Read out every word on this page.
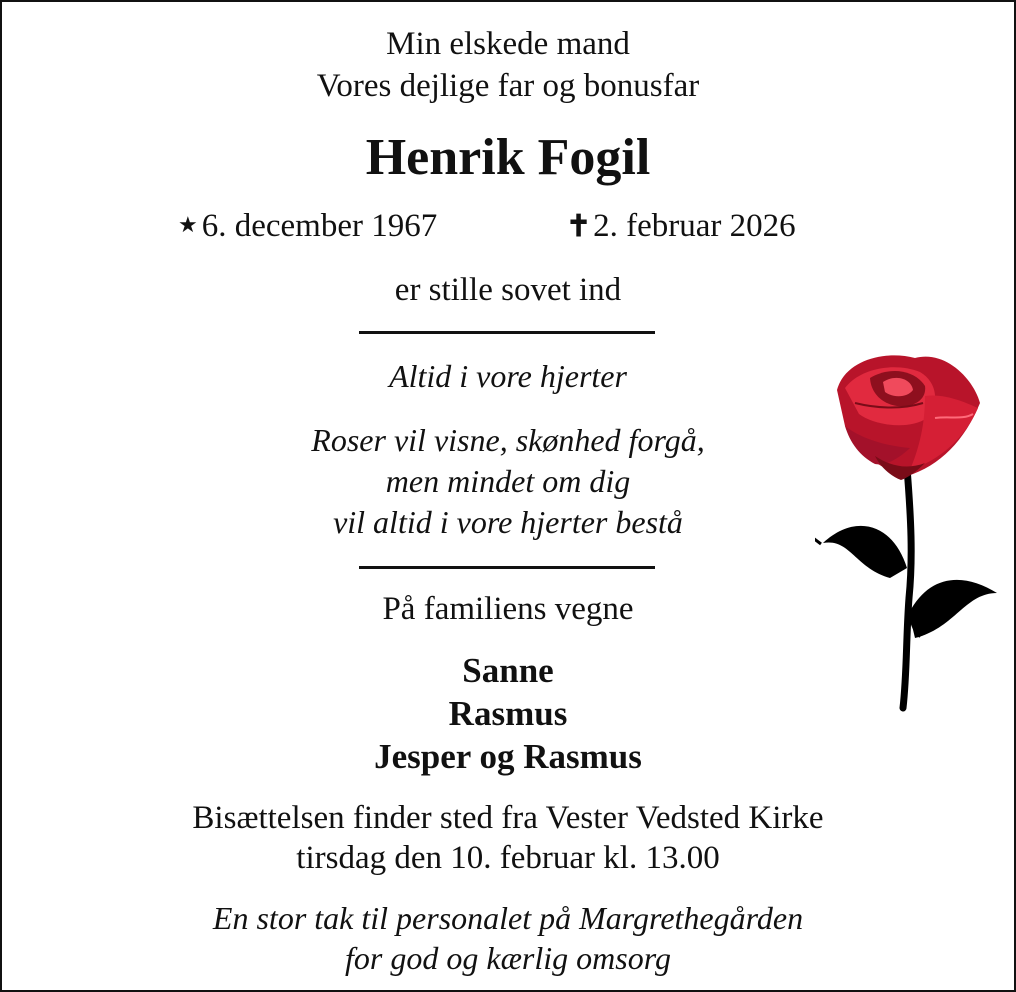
Min elskede mand
Vores dejlige far og bonusfar
Henrik Fogil
★ 6. december 1967	✝2. februar 2026
er stille sovet ind
Altid i vore hjerter
Roser vil visne, skønhed forgå,
men mindet om dig
vil altid i vore hjerter bestå
På familiens vegne
Sanne
Rasmus
Jesper og Rasmus
Bisættelsen finder sted fra Vester Vedsted Kirke
tirsdag den 10. februar kl. 13.00
En stor tak til personalet på Margrethegården
for god og kærlig omsorg
